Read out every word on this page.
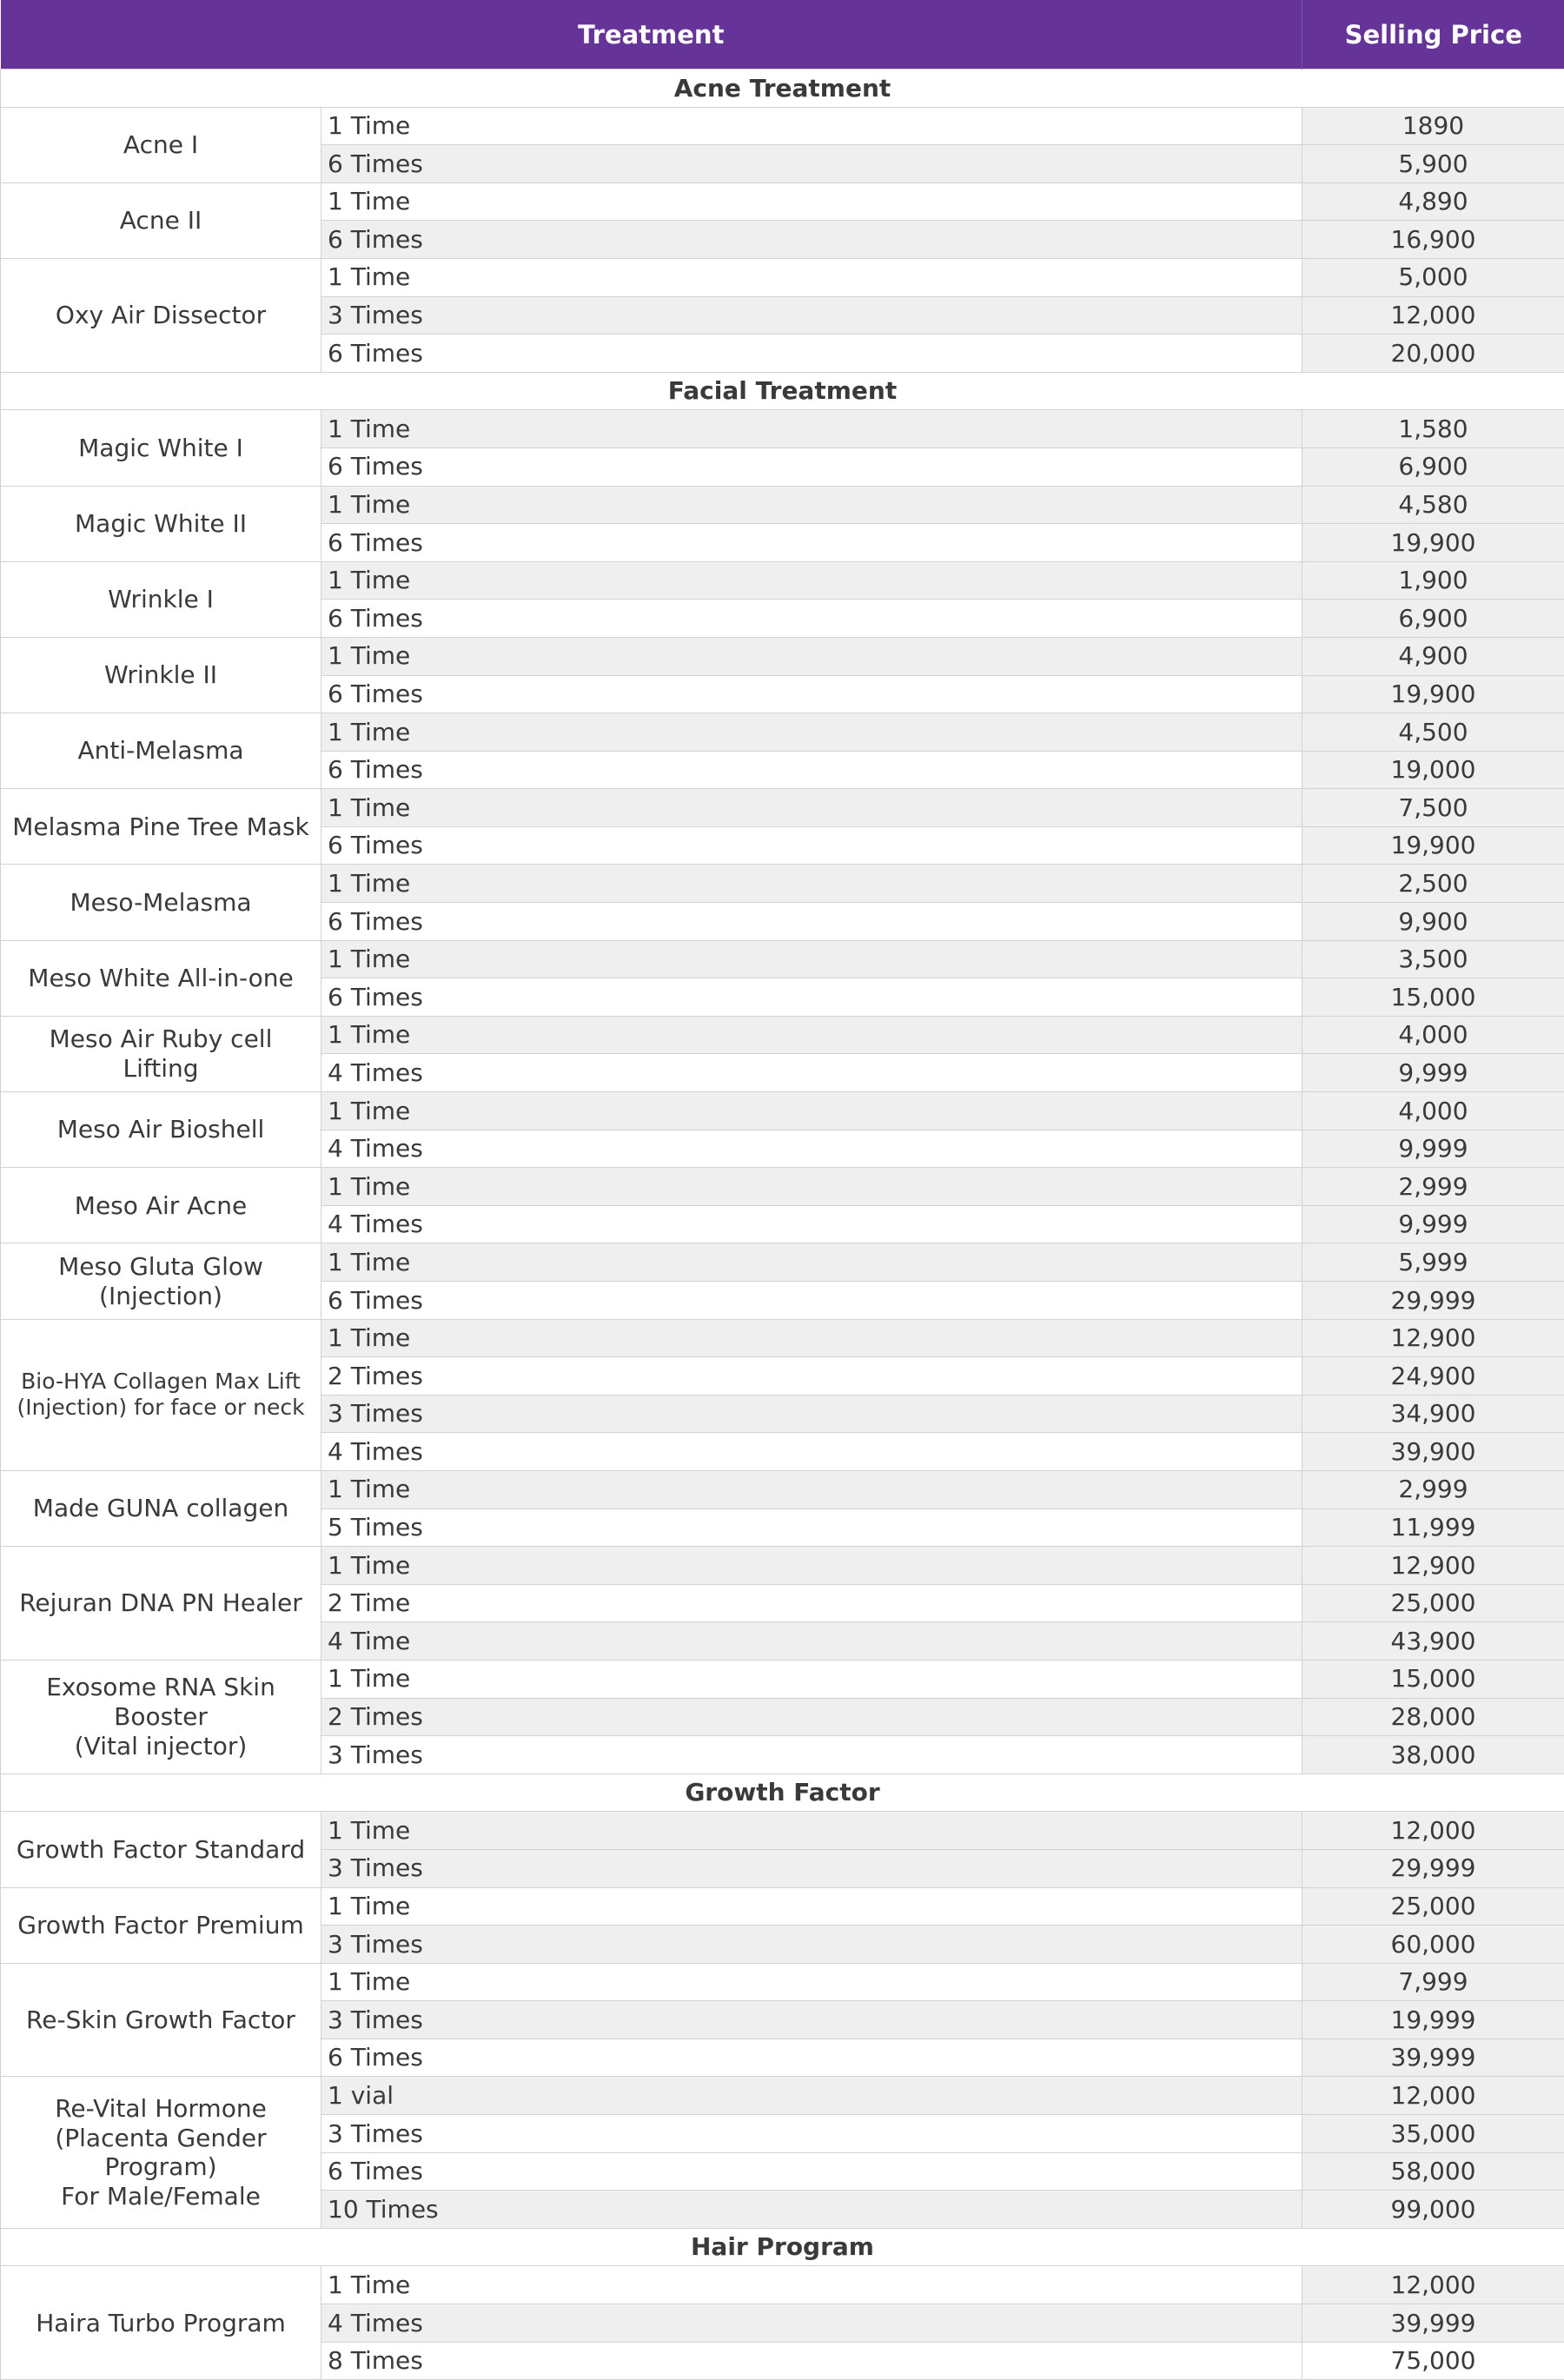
Treatment		Selling Price
Acne Treatment		
Acne I	1 Time	1890
	6 Times	5,900
Acne II	1 Time	4,890
	6 Times	16,900
Oxy Air Dissector	1 Time	5,000
	3 Times	12,000
	6 Times	20,000
Facial Treatment		
Magic White I	1 Time	1,580
	6 Times	6,900
Magic White II	1 Time	4,580
	6 Times	19,900
Wrinkle I	1 Time	1,900
	6 Times	6,900
Wrinkle II	1 Time	4,900
	6 Times	19,900
Anti-Melasma	1 Time	4,500
	6 Times	19,000
Melasma Pine Tree Mask	1 Time	7,500
	6 Times	19,900
Meso-Melasma	1 Time	2,500
	6 Times	9,900
Meso White All-in-one	1 Time	3,500
	6 Times	15,000
Meso Air Ruby cell Lifting	1 Time	4,000
	4 Times	9,999
Meso Air Bioshell	1 Time	4,000
	4 Times	9,999
Meso Air Acne	1 Time	2,999
	4 Times	9,999
Meso Gluta Glow
(Injection)	1 Time	5,999
	6 Times	29,999
Bio-HYA Collagen Max Lift
(Injection) for face or neck	1 Time	12,900
	2 Times	24,900
	3 Times	34,900
	4 Times	39,900
Made GUNA collagen	1 Time	2,999
	5 Times	11,999
Rejuran DNA PN Healer	1 Time	12,900
	2 Time	25,000
	4 Time	43,900
Exosome RNA Skin
Booster
(Vital injector)	1 Time	15,000
	2 Times	28,000
	3 Times	38,000
Growth Factor		
Growth Factor Standard	1 Time	12,000
	3 Times	29,999
Growth Factor Premium	1 Time	25,000
	3 Times	60,000
Re-Skin Growth Factor	1 Time	7,999
	3 Times	19,999
	6 Times	39,999
Re-Vital Hormone
(Placenta Gender
Program)
For Male/Female	1 vial	12,000
	3 Times	35,000
	6 Times	58,000
	10 Times	99,000
Hair Program		
Haira Turbo Program	1 Time	12,000
	4 Times	39,999
	8 Times	75,000
